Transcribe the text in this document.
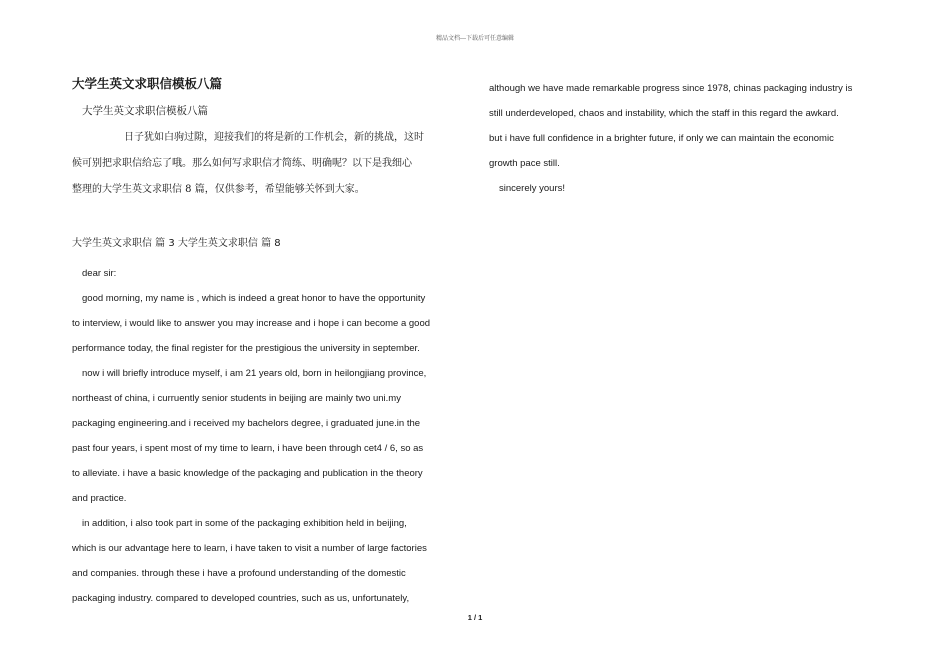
精品文档---下载后可任意编辑
大学生英文求职信模板八篇
大学生英文求职信模板八篇
日子犹如白驹过隙，迎接我们的将是新的工作机会，新的挑战，这时
候可别把求职信给忘了哦。那么如何写求职信才简练、明确呢？以下是我细心
整理的大学生英文求职信 8 篇，仅供参考，希望能够关怀到大家。
大学生英文求职信 篇 3 大学生英文求职信 篇 8
dear sir:
good morning, my name is , which is indeed a great honor to have the opportunity
to interview, i would like to answer you may increase and i hope i can become a good
performance today, the final register for the prestigious the university in september.
now i will briefly introduce myself, i am 21 years old, born in heilongjiang province,
northeast of china, i curruently senior students in beijing are mainly two uni.my
packaging engineering.and i received my bachelors degree, i graduated june.in the
past four years, i spent most of my time to learn, i have been through cet4 / 6, so as
to alleviate. i have a basic knowledge of the packaging and publication in the theory
and practice.
in addition, i also took part in some of the packaging exhibition held in beijing,
which is our advantage here to learn, i have taken to visit a number of large factories
and companies. through these i have a profound understanding of the domestic
packaging industry. compared to developed countries, such as us, unfortunately,
although we have made remarkable progress since 1978, chinas packaging industry is
still underdeveloped, chaos and instability, which the staff in this regard the awkard.
but i have full confidence in a brighter future, if only we can maintain the economic
growth pace still.
sincerely yours!
1 / 1
